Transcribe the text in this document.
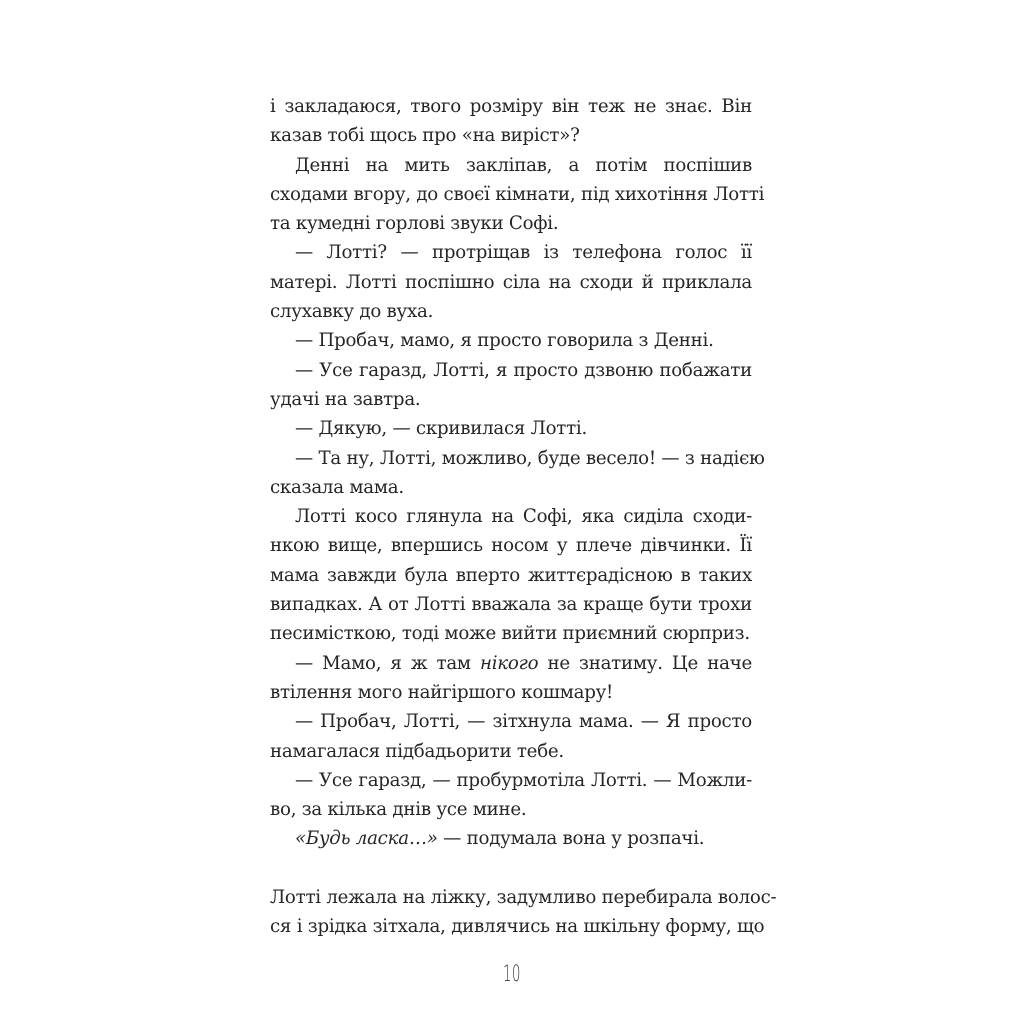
і закладаюся, твого розміру він теж не знає. Він
казав тобі щось про «на виріст»?
Денні на мить закліпав, а потім поспішив
сходами вгору, до своєї кімнати, під хихотіння Лотті
та кумедні горлові звуки Софі.
— Лотті? — протріщав із телефона голос її
матері. Лотті поспішно сіла на сходи й приклала
слухавку до вуха.
— Пробач, мамо, я просто говорила з Денні.
— Усе гаразд, Лотті, я просто дзвоню побажати
удачі на завтра.
— Дякую, — скривилася Лотті.
— Та ну, Лотті, можливо, буде весело! — з надією
сказала мама.
Лотті косо глянула на Софі, яка сиділа сходи-
нкою вище, впершись носом у плече дівчинки. Її
мама завжди була вперто життєрадісною в таких
випадках. А от Лотті вважала за краще бути трохи
песимісткою, тоді може вийти приємний сюрприз.
— Мамо, я ж там нікого не знатиму. Це наче
втілення мого найгіршого кошмару!
— Пробач, Лотті, — зітхнула мама. — Я просто
намагалася підбадьорити тебе.
— Усе гаразд, — пробурмотіла Лотті. — Можли-
во, за кілька днів усе мине.
«Будь ласка…» — подумала вона у розпачі.
Лотті лежала на ліжку, задумливо перебирала волос-
ся і зрідка зітхала, дивлячись на шкільну форму, що
10
